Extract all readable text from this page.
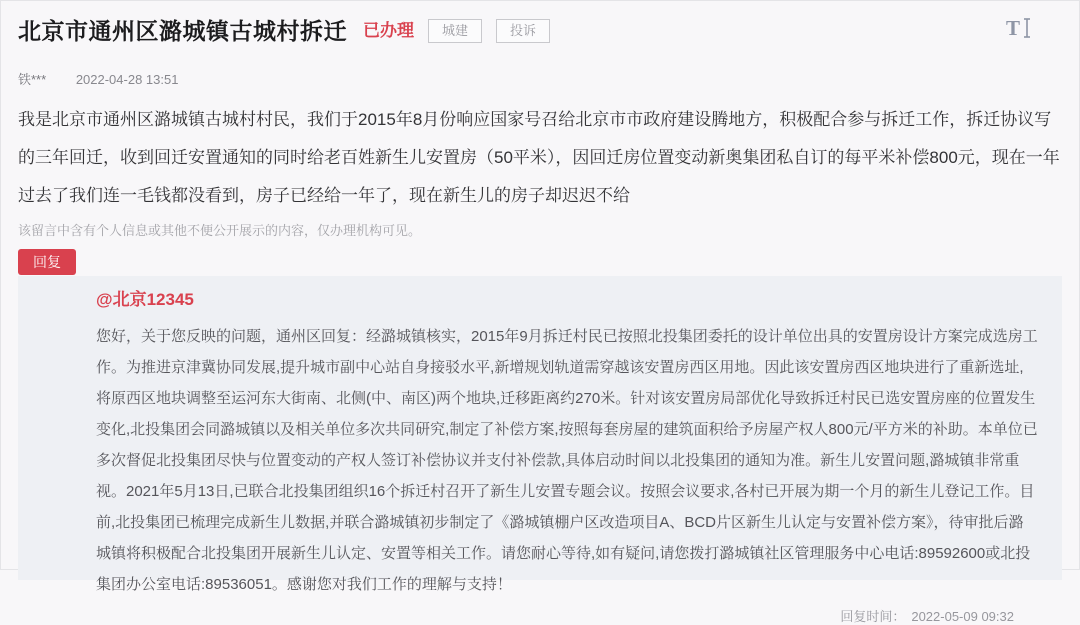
北京市通州区潞城镇古城村拆迁 已办理	城建	投诉	T
铁*** 2022-04-28 13:51
我是北京市通州区潞城镇古城村村民，我们于2015年8月份响应国家号召给北京市市政府建设腾地方，积极配合参与拆迁工作，拆迁协议写的三年回迁，收到回迁安置通知的同时给老百姓新生儿安置房（50平米），因回迁房位置变动新奥集团私自订的每平米补偿800元，现在一年过去了我们连一毛钱都没看到，房子已经给一年了，现在新生儿的房子却迟迟不给
该留言中含有个人信息或其他不便公开展示的内容，仅办理机构可见。
回复
@北京12345
您好，关于您反映的问题，通州区回复：经潞城镇核实，2015年9月拆迁村民已按照北投集团委托的设计单位出具的安置房设计方案完成选房工作。为推进京津冀协同发展,提升城市副中心站自身接驳水平,新增规划轨道需穿越该安置房西区用地。因此该安置房西区地块进行了重新选址,将原西区地块调整至运河东大街南、北侧(中、南区)两个地块,迁移距离约270米。针对该安置房局部优化导致拆迁村民已选安置房座的位置发生变化,北投集团会同潞城镇以及相关单位多次共同研究,制定了补偿方案,按照每套房屋的建筑面积给予房屋产权人800元/平方米的补助。本单位已多次督促北投集团尽快与位置变动的产权人签订补偿协议并支付补偿款,具体启动时间以北投集团的通知为准。新生儿安置问题,潞城镇非常重视。2021年5月13日,已联合北投集团组织16个拆迁村召开了新生儿安置专题会议。按照会议要求,各村已开展为期一个月的新生儿登记工作。目前,北投集团已梳理完成新生儿数据,并联合潞城镇初步制定了《潞城镇棚户区改造项目A、BCD片区新生儿认定与安置补偿方案》，待审批后潞城镇将积极配合北投集团开展新生儿认定、安置等相关工作。请您耐心等待,如有疑问,请您拨打潞城镇社区管理服务中心电话:89592600或北投集团办公室电话:89536051。感谢您对我们工作的理解与支持！
回复时间： 2022-05-09 09:32
